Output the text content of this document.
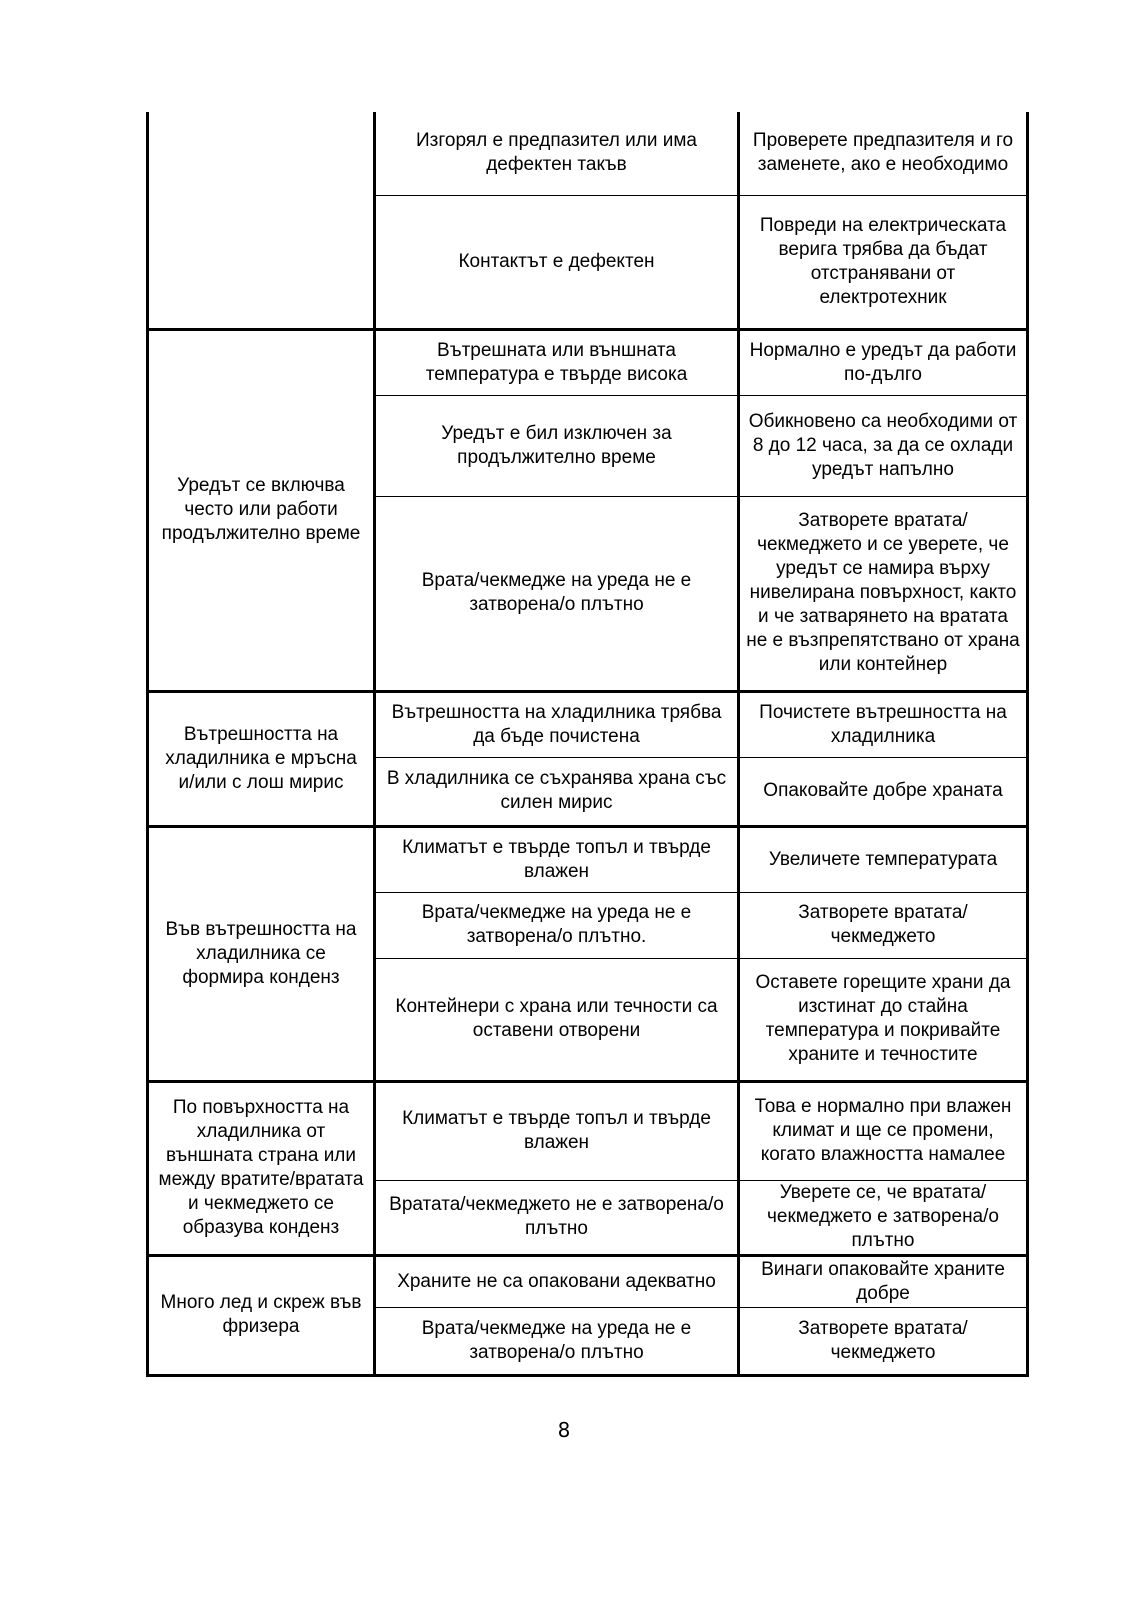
	Изгорял е предпазител или има дефектен такъв	Проверете предпазителя и го заменете, ако е необходимо
	Контактът е дефектен	Повреди на електрическата верига трябва да бъдат отстранявани от електротехник
Уредът се включва често или работи продължително време	Вътрешната или външната температура е твърде висока	Нормално е уредът да работи по-дълго
	Уредът е бил изключен за продължително време	Обикновено са необходими от 8 до 12 часа, за да се охлади уредът напълно
	Врата/чекмедже на уреда не е затворена/о плътно	Затворете вратата/чекмеджето и се уверете, че уредът се намира върху нивелирана повърхност, както и че затварянето на вратата не е възпрепятствано от храна или контейнер
Вътрешността на хладилника е мръсна и/или с лош мирис	Вътрешността на хладилника трябва да бъде почистена	Почистете вътрешността на хладилника
	В хладилника се съхранява храна със силен мирис	Опаковайте добре храната
Във вътрешността на хладилника се формира конденз	Климатът е твърде топъл и твърде влажен	Увеличете температурата
	Врата/чекмедже на уреда не е затворена/о плътно.	Затворете вратата/чекмеджето
	Контейнери с храна или течности са оставени отворени	Оставете горещите храни да изстинат до стайна температура и покривайте храните и течностите
По повърхността на хладилника от външната страна или между вратите/вратата и чекмеджето се образува конденз	Климатът е твърде топъл и твърде влажен	Това е нормално при влажен климат и ще се промени, когато влажността намалее
	Вратата/чекмеджето не е затворена/о плътно	Уверете се, че вратата/чекмеджето е затворена/о плътно
Много лед и скреж във фризера	Храните не са опаковани адекватно	Винаги опаковайте храните добре
	Врата/чекмедже на уреда не е затворена/о плътно	Затворете вратата/чекмеджето
8
